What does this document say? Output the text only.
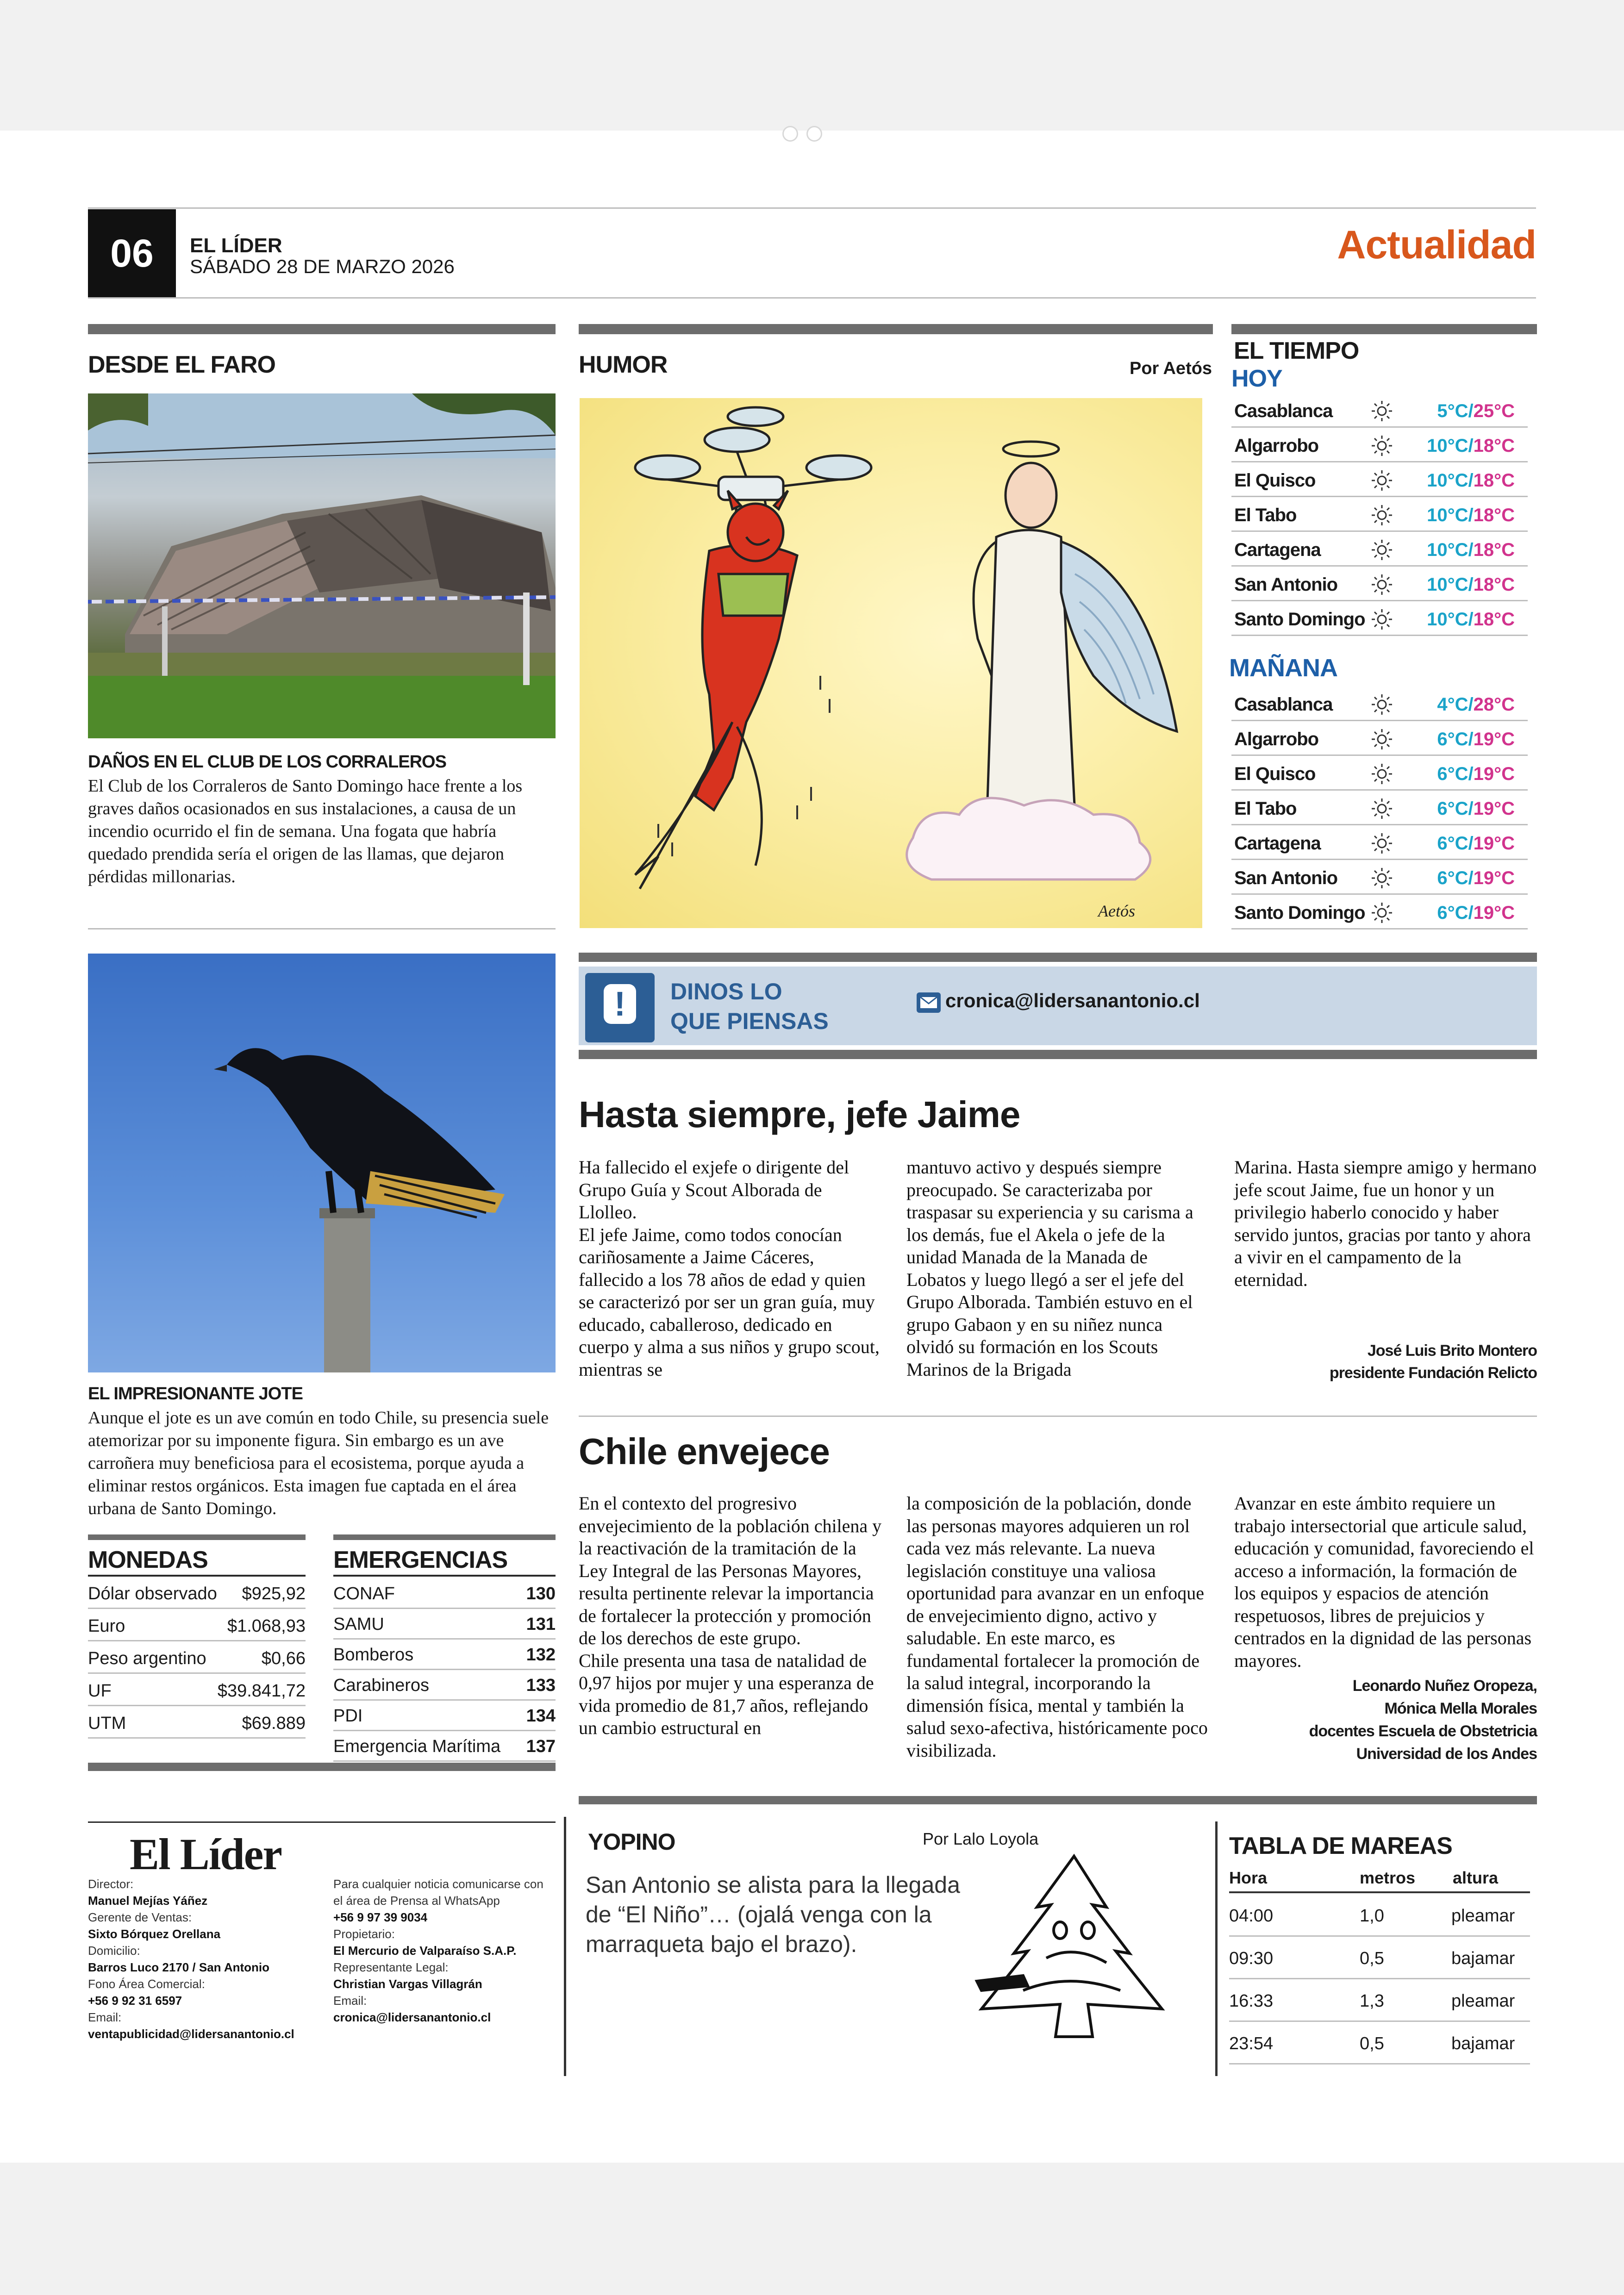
06	EL LÍDER
SÁBADO 28 DE MARZO 2026	Actualidad
DESDE EL FARO
DAÑOS EN EL CLUB DE LOS CORRALEROS
El Club de los Corraleros de Santo Domingo hace frente a los graves daños ocasionados en sus instalaciones, a causa de un incendio ocurrido el fin de semana. Una fogata que habría quedado prendida sería el origen de las llamas, que dejaron pérdidas millonarias.
EL IMPRESIONANTE JOTE
Aunque el jote es un ave común en todo Chile, su presencia suele atemorizar por su imponente figura. Sin embargo es un ave carroñera muy beneficiosa para el ecosistema, porque ayuda a eliminar restos orgánicos. Esta imagen fue captada en el área urbana de Santo Domingo.
MONEDAS
Dólar observado $925,92
Euro	$1.068,93
Peso argentino	$0,66
UF	$39.841,72
UTM	$69.889
EMERGENCIAS
CONAF	130
SAMU	131
Bomberos	132
Carabineros	133
PDI	134
Emergencia Marítima 137
El Líder
Director:
Manuel Mejías Yáñez
Gerente de Ventas:
Sixto Bórquez Orellana
Domicilio:
Barros Luco 2170 / San Antonio
Fono Área Comercial:
+56 9 92 31 6597
Email:
ventapublicidad@lidersanantonio.cl
Para cualquier noticia comunicarse con el área de Prensa al WhatsApp
+56 9 97 39 9034
Propietario:
El Mercurio de Valparaíso S.A.P.
Representante Legal:
Christian Vargas Villagrán
Email:
cronica@lidersanantonio.cl
HUMOR	Por Aetós
Aetós
!	DINOS LO
QUE PIENSAS
cronica@lidersanantonio.cl
Hasta siempre, jefe Jaime
Ha fallecido el exjefe o dirigente del Grupo Guía y Scout Alborada de Llolleo.
El jefe Jaime, como todos conocían cariñosamente a Jaime Cáceres, fallecido a los 78 años de edad y quien se caracterizó por ser un gran guía, muy educado, caballeroso, dedicado en cuerpo y alma a sus niños y grupo scout, mientras se
mantuvo activo y después siempre preocupado. Se caracterizaba por traspasar su experiencia y su carisma a los demás, fue el Akela o jefe de la unidad Manada de la Manada de Lobatos y luego llegó a ser el jefe del Grupo Alborada. También estuvo en el grupo Gabaon y en su niñez nunca olvidó su formación en los Scouts Marinos de la Brigada
Marina. Hasta siempre amigo y hermano jefe scout Jaime, fue un honor y un privilegio haberlo conocido y haber servido juntos, gracias por tanto y ahora a vivir en el campamento de la eternidad.
José Luis Brito Montero
presidente Fundación Relicto
Chile envejece
En el contexto del progresivo envejecimiento de la población chilena y la reactivación de la tramitación de la Ley Integral de las Personas Mayores, resulta pertinente relevar la importancia de fortalecer la protección y promoción de los derechos de este grupo.
Chile presenta una tasa de natalidad de 0,97 hijos por mujer y una esperanza de vida promedio de 81,7 años, reflejando un cambio estructural en
la composición de la población, donde las personas mayores adquieren un rol cada vez más relevante. La nueva legislación constituye una valiosa oportunidad para avanzar en un enfoque de envejecimiento digno, activo y saludable. En este marco, es fundamental fortalecer la promoción de la salud integral, incorporando la dimensión física, mental y también la salud sexo-afectiva, históricamente poco visibilizada.
Avanzar en este ámbito requiere un trabajo intersectorial que articule salud, educación y comunidad, favoreciendo el acceso a información, la formación de los equipos y espacios de atención respetuosos, libres de prejuicios y centrados en la dignidad de las personas mayores.
Leonardo Nuñez Oropeza,
Mónica Mella Morales
docentes Escuela de Obstetricia
Universidad de los Andes
EL TIEMPO
HOY
Casablanca	5°C/25°C
Algarrobo	10°C/18°C
El Quisco	10°C/18°C
El Tabo	10°C/18°C
Cartagena	10°C/18°C
San Antonio	10°C/18°C
Santo Domingo	10°C/18°C
MAÑANA
Casablanca	4°C/28°C
Algarrobo	6°C/19°C
El Quisco	6°C/19°C
El Tabo	6°C/19°C
Cartagena	6°C/19°C
San Antonio	6°C/19°C
Santo Domingo	6°C/19°C
YOPINO	Por Lalo Loyola
San Antonio se alista para la llegada de “El Niño”… (ojalá venga con la marraqueta bajo el brazo).
TABLA DE MAREAS
Hora	metros altura
04:00	1,0	pleamar
09:30	0,5	bajamar
16:33	1,3	pleamar
23:54	0,5	bajamar
